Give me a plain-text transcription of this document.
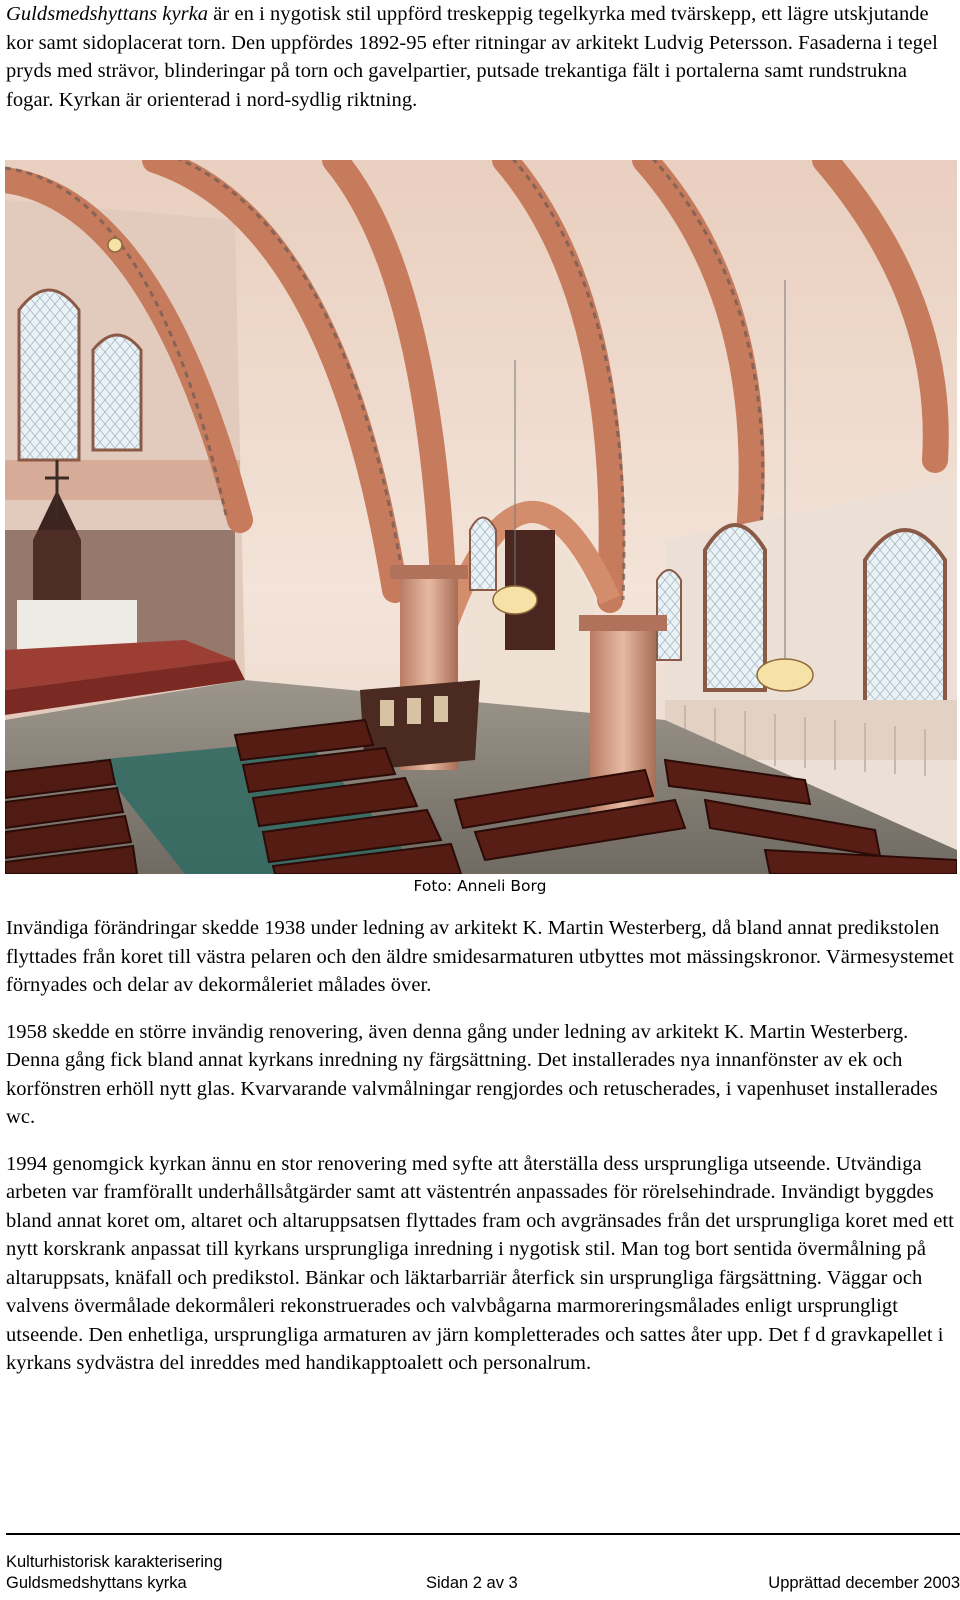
Guldsmedshyttans kyrka är en i nygotisk stil uppförd treskeppig tegelkyrka med tvärskepp, ett lägre utskjutande kor samt sidoplacerat torn. Den uppfördes 1892-95 efter ritningar av arkitekt Ludvig Petersson. Fasaderna i tegel pryds med strävor, blinderingar på torn och gavelpartier, putsade trekantiga fält i portalerna samt rundstrukna fogar. Kyrkan är orienterad i nord-sydlig riktning.

Foto: Anneli Borg

Invändiga förändringar skedde 1938 under ledning av arkitekt K. Martin Westerberg, då bland annat predikstolen flyttades från koret till västra pelaren och den äldre smidesarmaturen utbyttes mot mässingskronor. Värmesystemet förnyades och delar av dekormåleriet målades över.

1958 skedde en större invändig renovering, även denna gång under ledning av arkitekt K. Martin Westerberg. Denna gång fick bland annat kyrkans inredning ny färgsättning. Det installerades nya innanfönster av ek och korfönstren erhöll nytt glas. Kvarvarande valvmålningar rengjordes och retuscherades, i vapenhuset installerades wc.

1994 genomgick kyrkan ännu en stor renovering med syfte att återställa dess ursprungliga utseende. Utvändiga arbeten var framförallt underhållsåtgärder samt att västentrén anpassades för rörelsehindrade. Invändigt byggdes bland annat koret om, altaret och altaruppsatsen flyttades fram och avgränsades från det ursprungliga koret med ett nytt korskrank anpassat till kyrkans ursprungliga inredning i nygotisk stil. Man tog bort sentida övermålning på altaruppsats, knäfall och predikstol. Bänkar och läktarbarriär återfick sin ursprungliga färgsättning. Väggar och valvens övermålade dekormåleri rekonstruerades och valvbågarna marmoreringsmålades enligt ursprungligt utseende. Den enhetliga, ursprungliga armaturen av järn kompletterades och sattes åter upp. Det f d gravkapellet i kyrkans sydvästra del inreddes med handikapptoalett och personalrum.

Kulturhistorisk karakterisering
Guldsmedshyttans kyrka	Sidan 2 av 3	Upprättad december 2003
